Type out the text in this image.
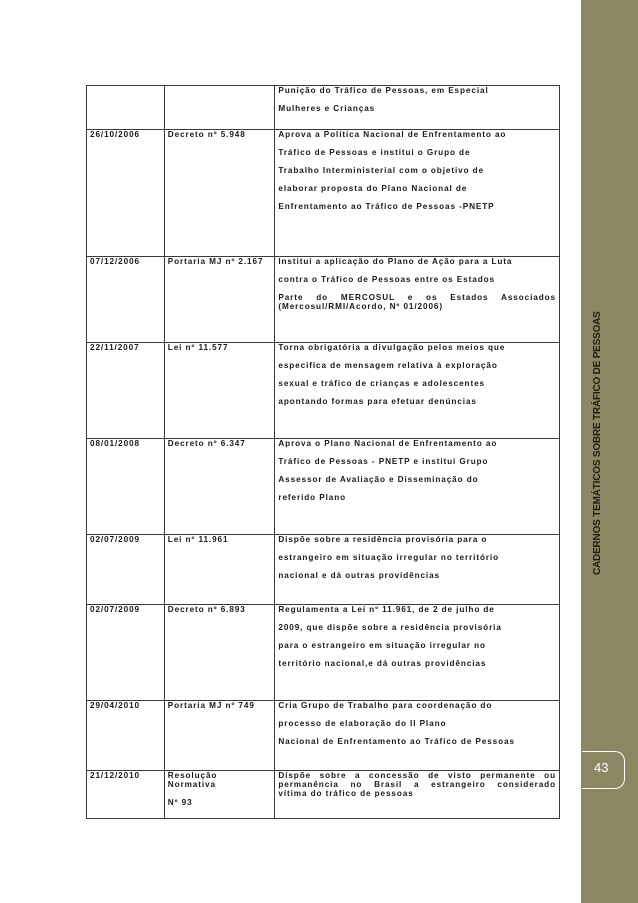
CADERNOS TEMÁTICOS SOBRE TRÁFICO DE PESSOAS
43

		Punição do Tráfico de Pessoas, em Especial
Mulheres e Crianças

26/10/2006	Decreto nº 5.948	Aprova a Política Nacional de Enfrentamento ao
Tráfico de Pessoas e institui o Grupo de
Trabalho Interministerial com o objetivo de
elaborar proposta do Plano Nacional de
Enfrentamento ao Tráfico de Pessoas -PNETP

07/12/2006	Portaria MJ nº 2.167	Institui a aplicação do Plano de Ação para a Luta
contra o Tráfico de Pessoas entre os Estados
Parte do MERCOSUL e os Estados Associados
(Mercosul/RMI/Acordo, Nº 01/2006)

22/11/2007	Lei nº 11.577	Torna obrigatória a divulgação pelos meios que
especifica de mensagem relativa à exploração
sexual e tráfico de crianças e adolescentes
apontando formas para efetuar denúncias

08/01/2008	Decreto nº 6.347	Aprova o Plano Nacional de Enfrentamento ao
Tráfico de Pessoas - PNETP e institui Grupo
Assessor de Avaliação e Disseminação do
referido Plano

02/07/2009	Lei nº 11.961	Dispõe sobre a residência provisória para o
estrangeiro em situação irregular no território
nacional e dá outras providências

02/07/2009	Decreto nº 6.893	Regulamenta a Lei nº 11.961, de 2 de julho de
2009, que dispõe sobre a residência provisória
para o estrangeiro em situação irregular no
território nacional,e dá outras providências

29/04/2010	Portaria MJ nº 749	Cria Grupo de Trabalho para coordenação do
processo de elaboração do II Plano
Nacional de Enfrentamento ao Tráfico de Pessoas

21/12/2010	Resolução
Normativa
Nº 93	Dispõe sobre a concessão de visto permanente ou
permanência no Brasil a estrangeiro considerado
vítima do tráfico de pessoas
